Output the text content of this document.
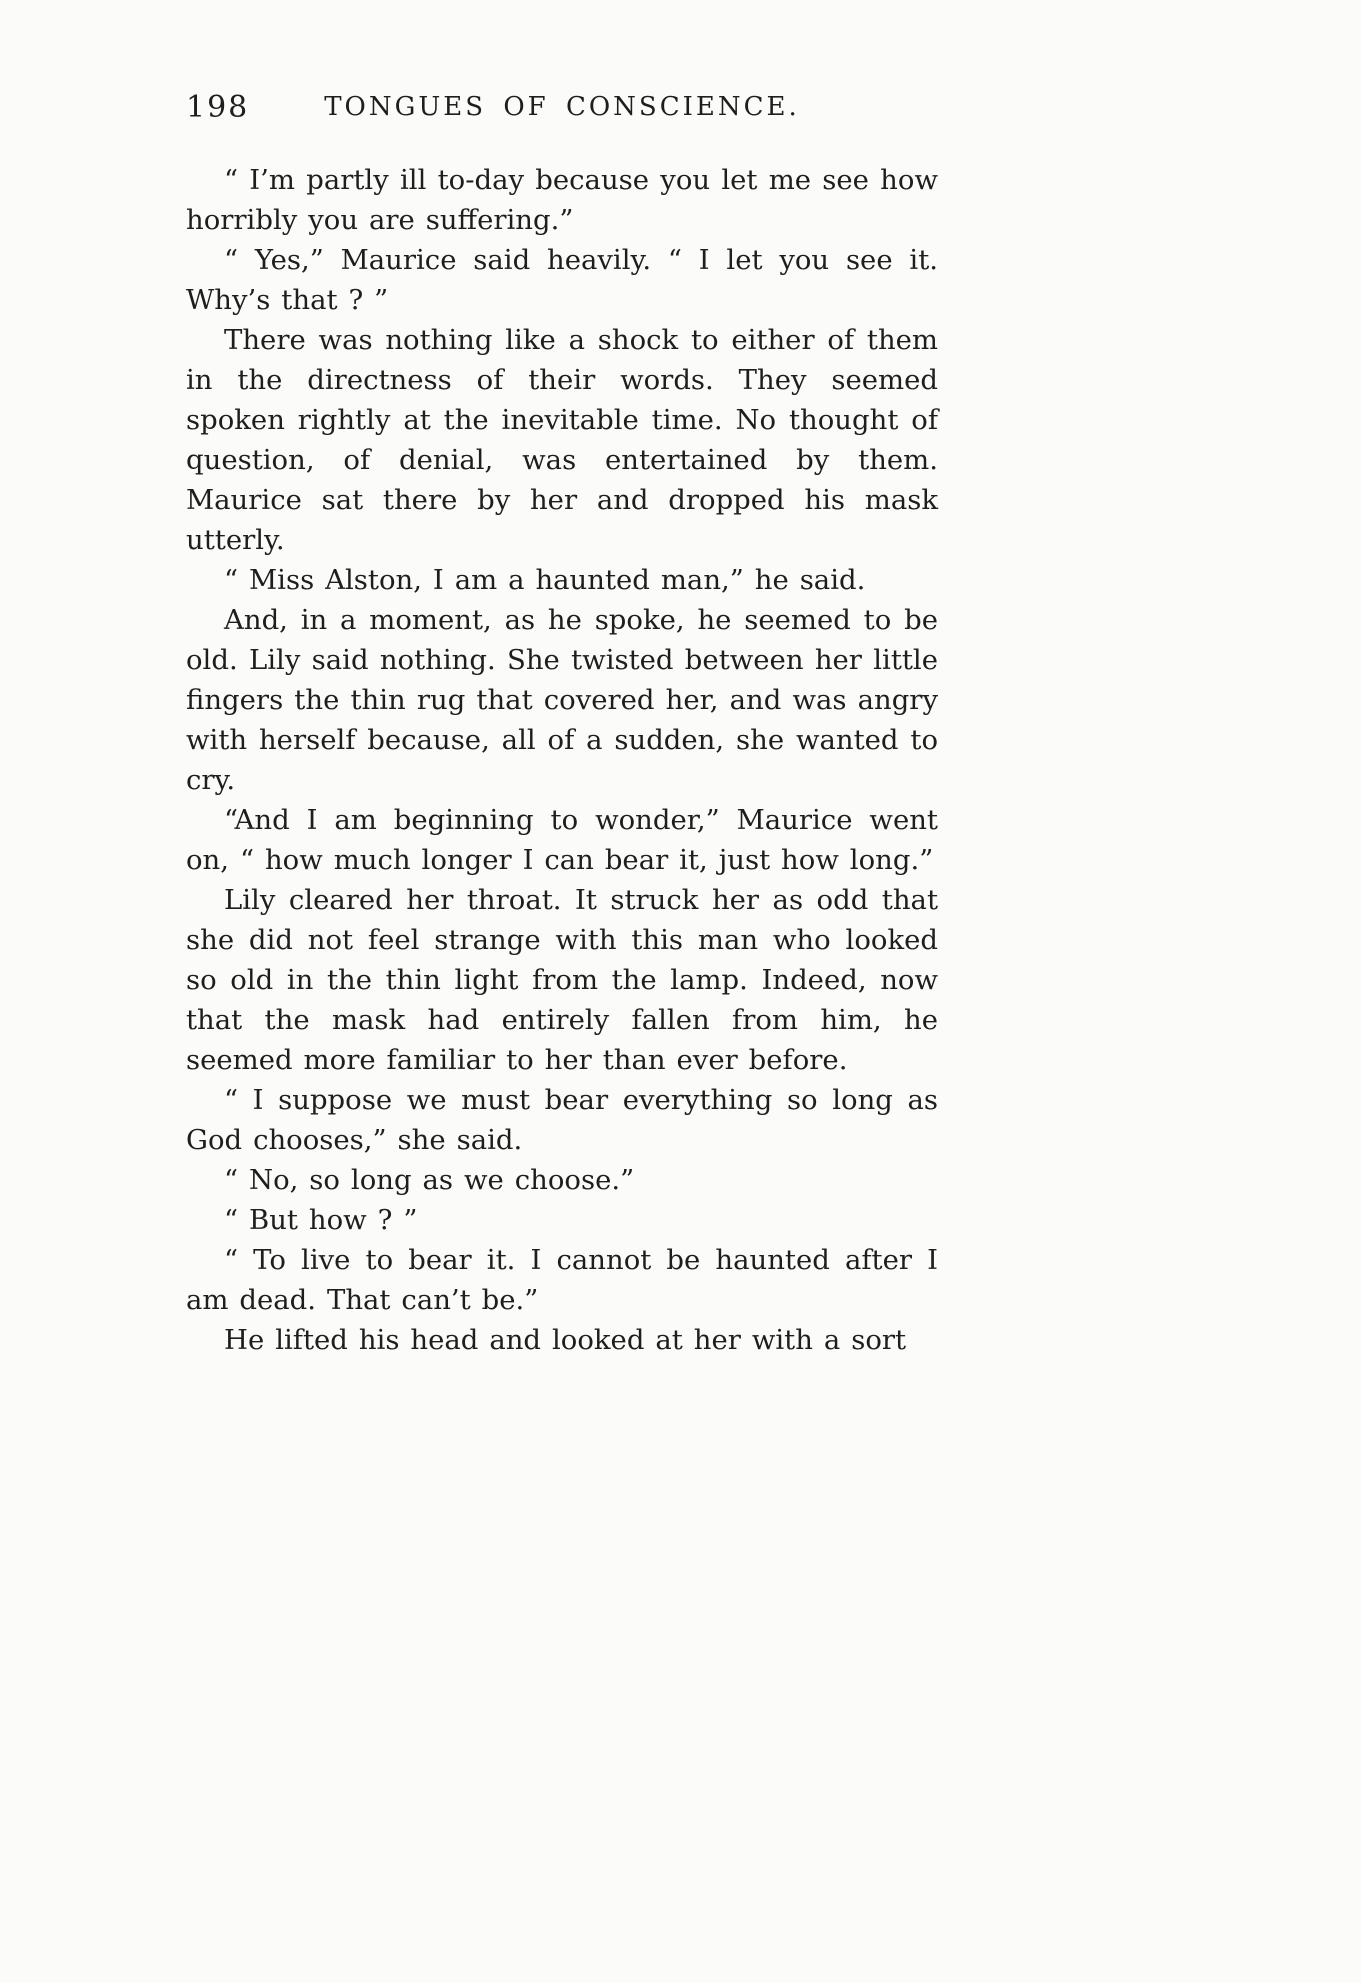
198	TONGUES OF CONSCIENCE.

“ I’m partly ill to-day because you let me see how horribly you are suffering.”

“ Yes,” Maurice said heavily. “ I let you see it. Why’s that ? ”

There was nothing like a shock to either of them in the directness of their words. They seemed spoken rightly at the inevitable time. No thought of question, of denial, was entertained by them. Maurice sat there by her and dropped his mask utterly.

“ Miss Alston, I am a haunted man,” he said.

And, in a moment, as he spoke, he seemed to be old. Lily said nothing. She twisted between her little fingers the thin rug that covered her, and was angry with herself because, all of a sudden, she wanted to cry.

“And I am beginning to wonder,” Maurice went on, “ how much longer I can bear it, just how long.”

Lily cleared her throat. It struck her as odd that she did not feel strange with this man who looked so old in the thin light from the lamp. Indeed, now that the mask had entirely fallen from him, he seemed more familiar to her than ever before.

“ I suppose we must bear everything so long as God chooses,” she said.

“ No, so long as we choose.”

“ But how ? ”

“ To live to bear it. I cannot be haunted after I am dead. That can’t be.”

He lifted his head and looked at her with a sort
